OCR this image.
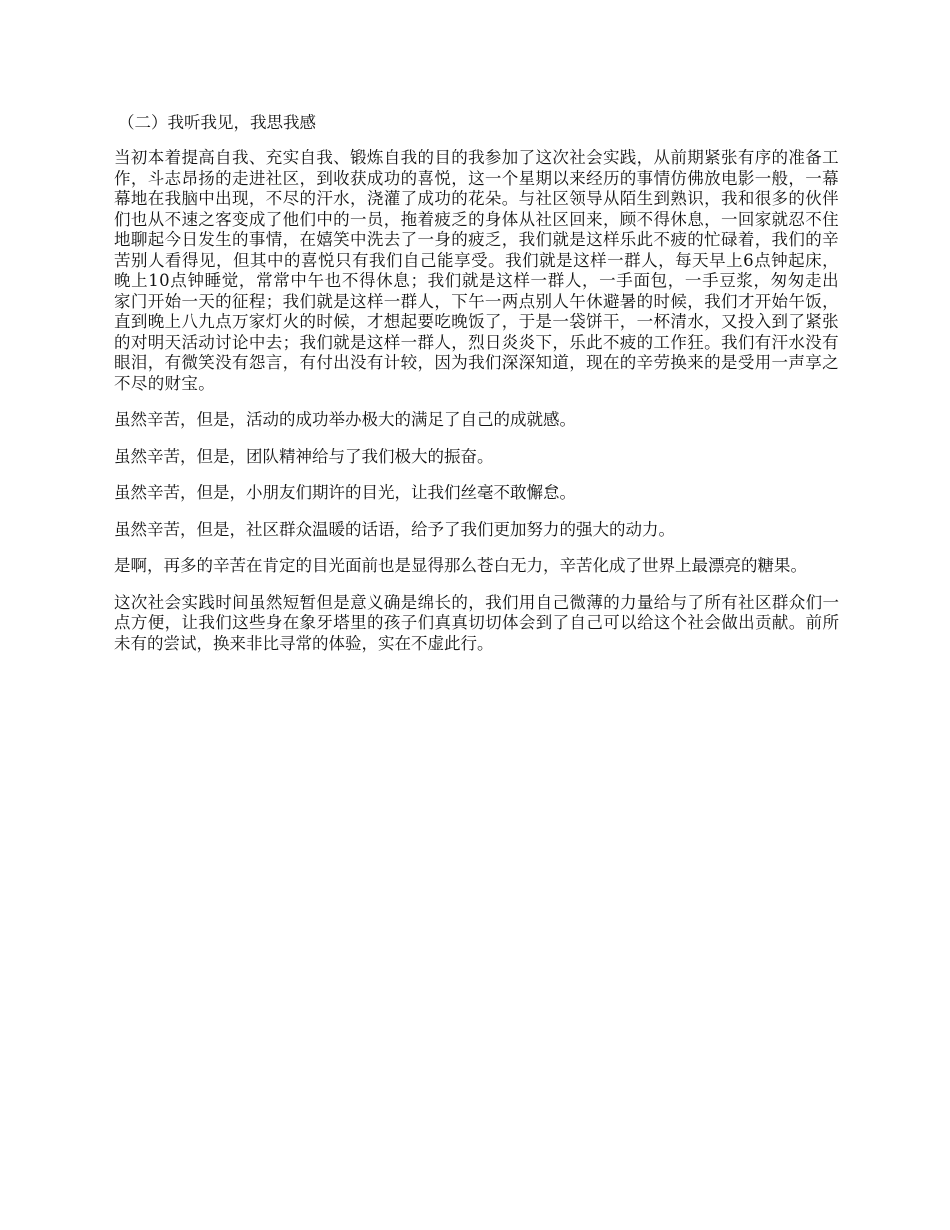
（二）我听我见，我思我感

当初本着提高自我、充实自我、锻炼自我的目的我参加了这次社会实践，从前期紧张有序的准备工作，斗志昂扬的走进社区，到收获成功的喜悦，这一个星期以来经历的事情仿佛放电影一般，一幕幕地在我脑中出现，不尽的汗水，浇灌了成功的花朵。与社区领导从陌生到熟识，我和很多的伙伴们也从不速之客变成了他们中的一员，拖着疲乏的身体从社区回来，顾不得休息，一回家就忍不住地聊起今日发生的事情，在嬉笑中洗去了一身的疲乏，我们就是这样乐此不疲的忙碌着，我们的辛苦别人看得见，但其中的喜悦只有我们自己能享受。我们就是这样一群人，每天早上6点钟起床，晚上10点钟睡觉，常常中午也不得休息；我们就是这样一群人，一手面包，一手豆浆，匆匆走出家门开始一天的征程；我们就是这样一群人，下午一两点别人午休避暑的时候，我们才开始午饭，直到晚上八九点万家灯火的时候，才想起要吃晚饭了，于是一袋饼干，一杯清水，又投入到了紧张的对明天活动讨论中去；我们就是这样一群人，烈日炎炎下，乐此不疲的工作狂。我们有汗水没有眼泪，有微笑没有怨言，有付出没有计较，因为我们深深知道，现在的辛劳换来的是受用一声享之不尽的财宝。

虽然辛苦，但是，活动的成功举办极大的满足了自己的成就感。

虽然辛苦，但是，团队精神给与了我们极大的振奋。

虽然辛苦，但是，小朋友们期许的目光，让我们丝毫不敢懈怠。

虽然辛苦，但是，社区群众温暖的话语，给予了我们更加努力的强大的动力。

是啊，再多的辛苦在肯定的目光面前也是显得那么苍白无力，辛苦化成了世界上最漂亮的糖果。

这次社会实践时间虽然短暂但是意义确是绵长的，我们用自己微薄的力量给与了所有社区群众们一点方便，让我们这些身在象牙塔里的孩子们真真切切体会到了自己可以给这个社会做出贡献。前所未有的尝试，换来非比寻常的体验，实在不虚此行。
